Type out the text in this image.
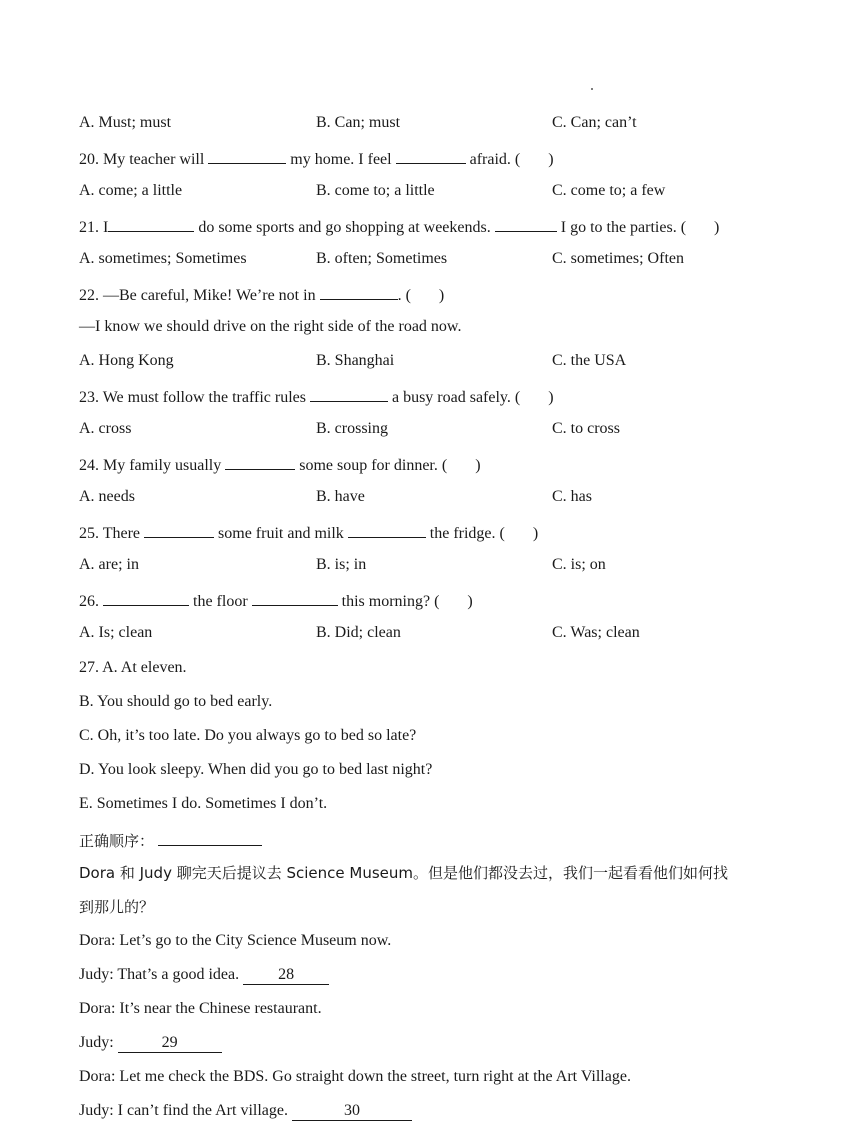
A. Must; must	B. Can; must	C. Can; can’t
20. My teacher will	my home. I feel	afraid. ( )
A. come; a little	B. come to; a little	C. come to; a few
21. I	do some sports and go shopping at weekends.	I go to the parties. ( )
A. sometimes; Sometimes	B. often; Sometimes	C. sometimes; Often
22. —Be careful, Mike! We’re not in	. ( )
—I know we should drive on the right side of the road now.
A. Hong Kong	B. Shanghai	C. the USA
23. We must follow the traffic rules	a busy road safely. ( )
A. cross	B. crossing	C. to cross
24. My family usually	some soup for dinner. ( )
A. needs	B. have	C. has
25. There	some fruit and milk	the fridge. ( )
A. are; in	B. is; in	C. is; on
26.	the floor	this morning? ( )
A. Is; clean	B. Did; clean	C. Was; clean
27. A. At eleven.
B. You should go to bed early.
C. Oh, it’s too late. Do you always go to bed so late?
D. You look sleepy. When did you go to bed last night?
E. Sometimes I do. Sometimes I don’t.
正确顺序：
Dora 和 Judy 聊完天后提议去 Science Museum。但是他们都没去过，我们一起看看他们如何找
到那儿的？
Dora: Let’s go to the City Science Museum now.
Judy: That’s a good idea. 28
Dora: It’s near the Chinese restaurant.
Judy:	29
Dora: Let me check the BDS. Go straight down the street, turn right at the Art Village.
Judy: I can’t find the Art village.	30
